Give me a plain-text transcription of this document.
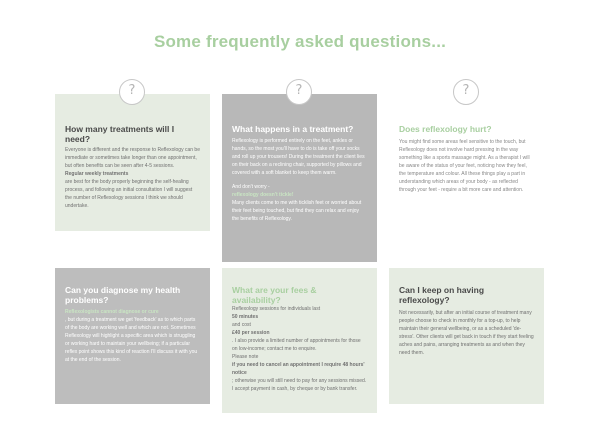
Some frequently asked questions...
How many treatments will I need?

Everyone is different and the response to Reflexology can be immediate or sometimes take longer than one appointment, but often benefits can be seen after 4-5 sessions.

Regular weekly treatments

are best for the body properly beginning the self-healing process, and following an initial consultation I will suggest the number of Reflexology sessions I think we should undertake.

What happens in a treatment?

Reflexology is performed entirely on the feet, ankles or hands, so the most you'll have to do is take off your socks and roll up your trousers! During the treatment the client lies on their back on a reclining chair, supported by pillows and covered with a soft blanket to keep them warm.

And don't worry -

reflexology doesn't tickle!

Many clients come to me with ticklish feet or worried about their feet being touched, but find they can relax and enjoy the benefits of Reflexology.

Does reflexology hurt?

You might find some areas feel sensitive to the touch, but Reflexology does not involve hard pressing in the way something like a sports massage might. As a therapist I will be aware of the status of your feet, noticing how they feel, the temperature and colour. All these things play a part in understanding which areas of your body - as reflected through your feet - require a bit more care and attention.

Can you diagnose my health problems?

Reflexologists cannot diagnose or cure

, but during a treatment we get 'feedback' as to which parts of the body are working well and which are not. Sometimes Reflexology will highlight a specific area which is struggling or working hard to maintain your wellbeing; if a particular reflex point shows this kind of reaction I'll discuss it with you at the end of the session.

What are your fees & availability?

Reflexology sessions for individuals last

50 minutes

and cost

£40 per session

. I also provide a limited number of appointments for those on low-income; contact me to enquire.

Please note

if you need to cancel an appointment I require 48 hours' notice

; otherwise you will still need to pay for any sessions missed. I accept payment in cash, by cheque or by bank transfer.

Can I keep on having reflexology?

Not necessarily, but after an initial course of treatment many people choose to check in monthly for a top-up, to help maintain their general wellbeing, or as a scheduled 'de-stress'. Other clients will get back in touch if they start feeling aches and pains, arranging treatments as and when they need them.

?	?	?
